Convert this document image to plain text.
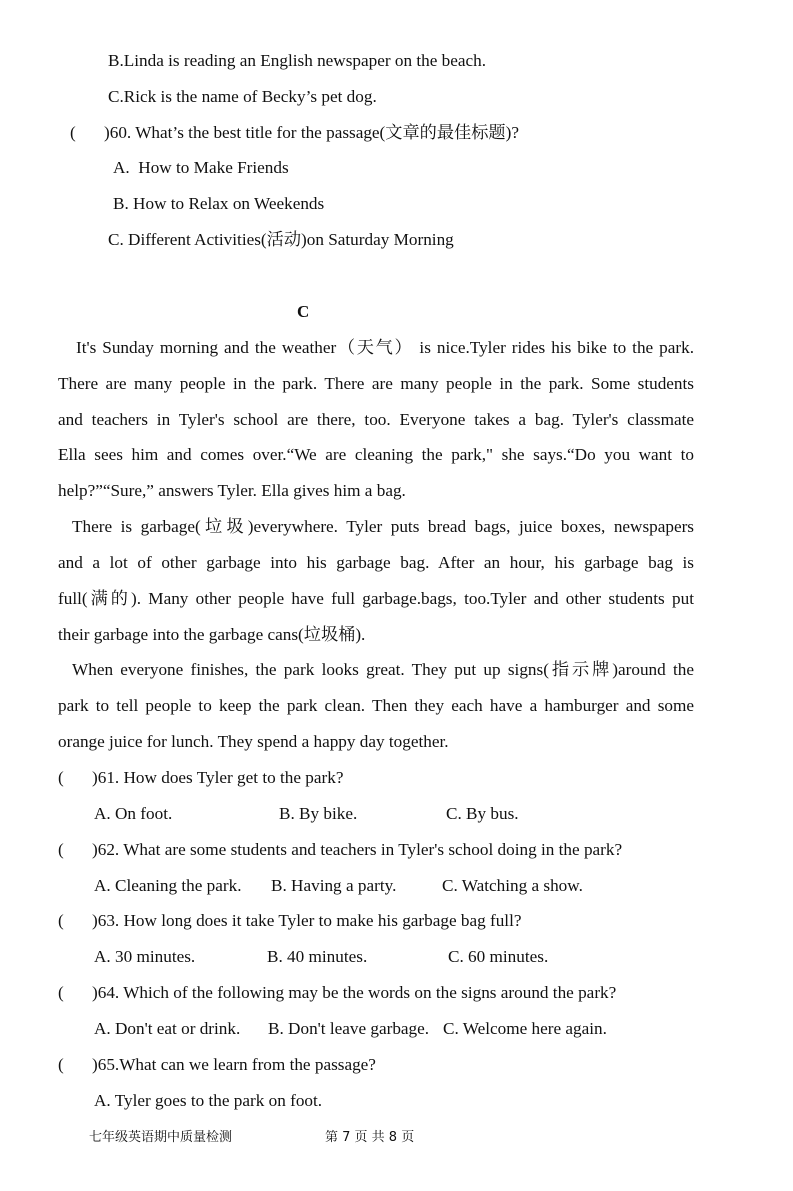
B.Linda is reading an English newspaper on the beach.
C.Rick is the name of Becky’s pet dog.
( )60. What’s the best title for the passage(文章的最佳标题)?
A.  How to Make Friends
B. How to Relax on Weekends
C. Different Activities(活动)on Saturday Morning
C
It's Sunday morning and the weather（天气） is nice.Tyler rides his bike to the park.
There are many people in the park. There are many people in the park. Some students
and teachers in Tyler's school are there, too. Everyone takes a bag. Tyler's classmate
Ella sees him and comes over.“We are cleaning the park," she says.“Do you want to
help?”“Sure,” answers Tyler. Ella gives him a bag.
There is garbage(垃圾)everywhere. Tyler puts bread bags, juice boxes, newspapers
and a lot of other garbage into his garbage bag. After an hour, his garbage bag is
full(满的). Many other people have full garbage.bags, too.Tyler and other students put
their garbage into the garbage cans(垃圾桶).
When everyone finishes, the park looks great. They put up signs(指示牌)around the
park to tell people to keep the park clean. Then they each have a hamburger and some
orange juice for lunch. They spend a happy day together.
( )61. How does Tyler get to the park?
A. On foot.	B. By bike.	C. By bus.
( )62. What are some students and teachers in Tyler's school doing in the park?
A. Cleaning the park. B. Having a party.	C. Watching a show.
( )63. How long does it take Tyler to make his garbage bag full?
A. 30 minutes.	B. 40 minutes.	C. 60 minutes.
( )64. Which of the following may be the words on the signs around the park?
A. Don't eat or drink. B. Don't leave garbage. C. Welcome here again.
( )65.What can we learn from the passage?
A. Tyler goes to the park on foot.
七年级英语期中质量检测	第 7 页 共 8 页
